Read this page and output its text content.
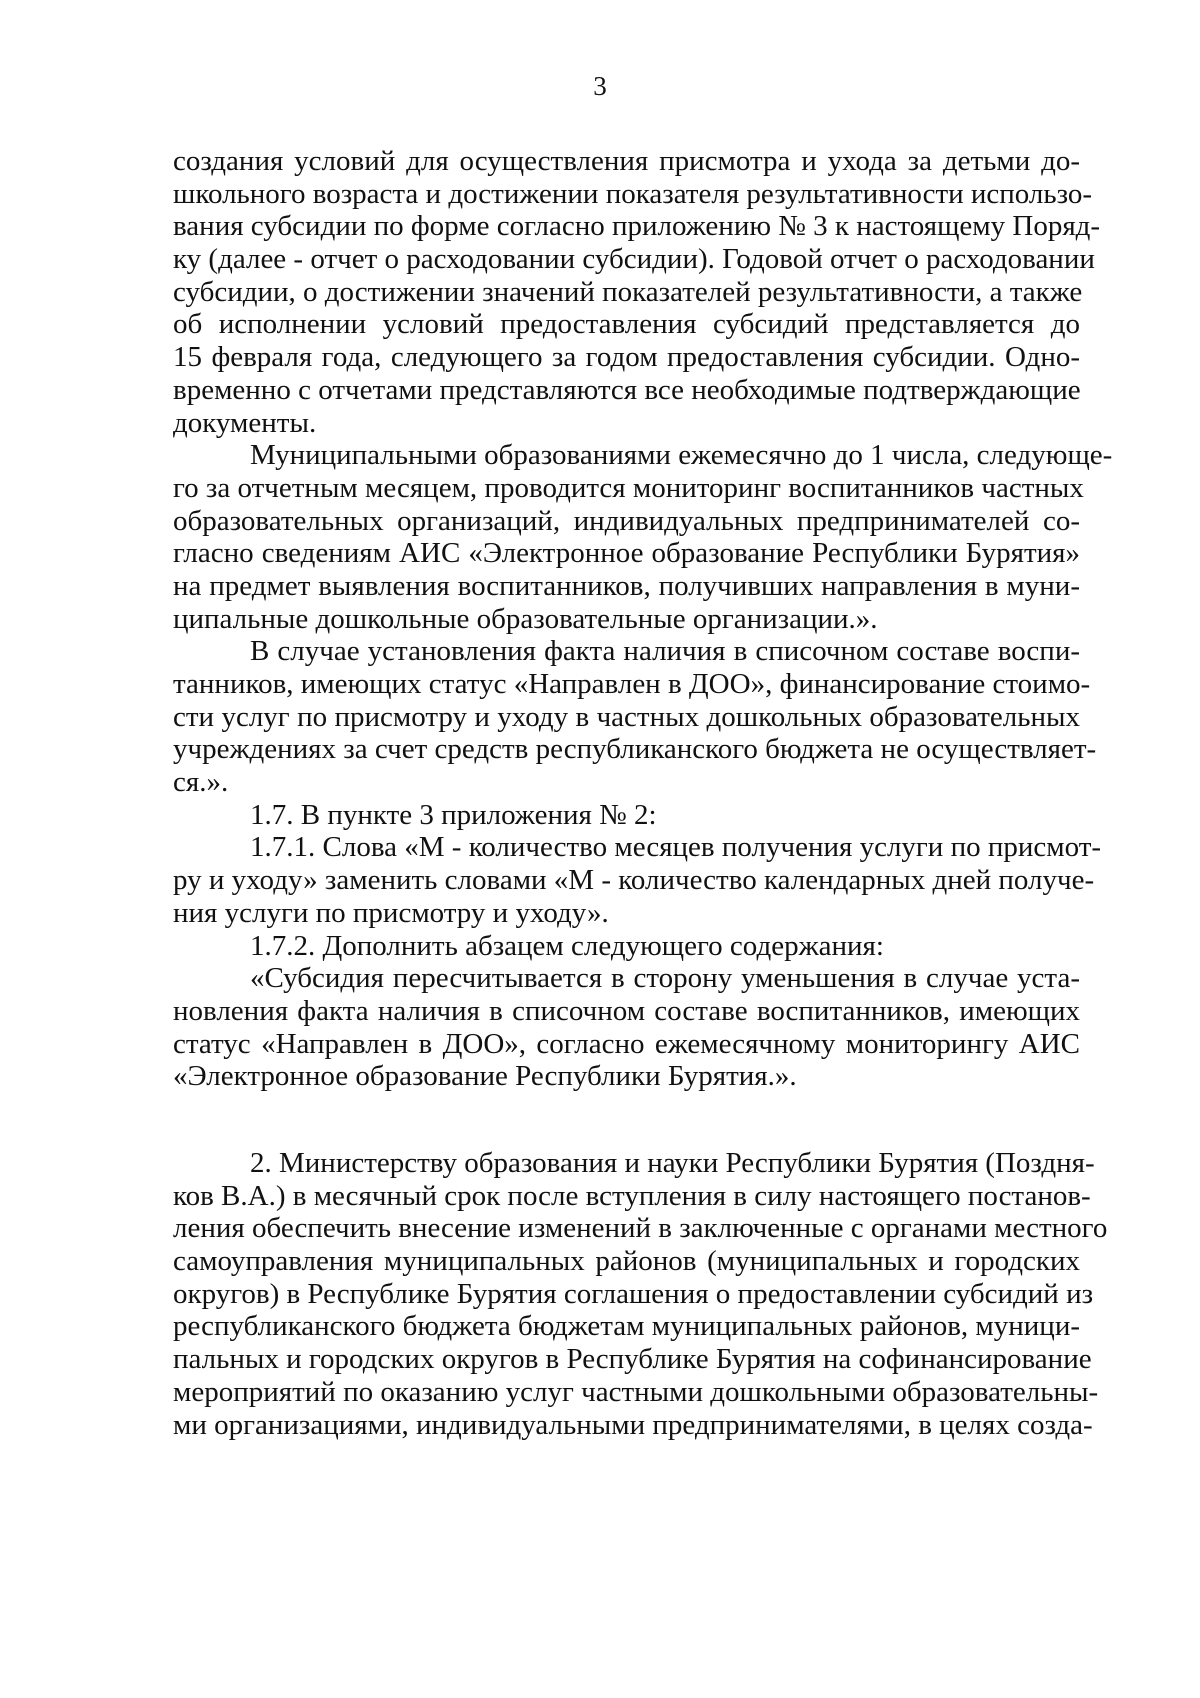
3
создания условий для осуществления присмотра и ухода за детьми до-
школьного возраста и достижении показателя результативности использо-
вания субсидии по форме согласно приложению № 3 к настоящему Поряд-
ку (далее - отчет о расходовании субсидии). Годовой отчет о расходовании
субсидии, о достижении значений показателей результативности, а также
об исполнении условий предоставления субсидий представляется до
15 февраля года, следующего за годом предоставления субсидии. Одно-
временно с отчетами представляются все необходимые подтверждающие
документы.
Муниципальными образованиями ежемесячно до 1 числа, следующе-
го за отчетным месяцем, проводится мониторинг воспитанников частных
образовательных организаций, индивидуальных предпринимателей со-
гласно сведениям АИС «Электронное образование Республики Бурятия»
на предмет выявления воспитанников, получивших направления в муни-
ципальные дошкольные образовательные организации.».
В случае установления факта наличия в списочном составе воспи-
танников, имеющих статус «Направлен в ДОО», финансирование стоимо-
сти услуг по присмотру и уходу в частных дошкольных образовательных
учреждениях за счет средств республиканского бюджета не осуществляет-
ся.».
1.7. В пункте 3 приложения № 2:
1.7.1. Слова «М - количество месяцев получения услуги по присмот-
ру и уходу» заменить словами «М - количество календарных дней получе-
ния услуги по присмотру и уходу».
1.7.2. Дополнить абзацем следующего содержания:
«Субсидия пересчитывается в сторону уменьшения в случае уста-
новления факта наличия в списочном составе воспитанников, имеющих
статус «Направлен в ДОО», согласно ежемесячному мониторингу АИС
«Электронное образование Республики Бурятия.».
2. Министерству образования и науки Республики Бурятия (Поздня-
ков В.А.) в месячный срок после вступления в силу настоящего постанов-
ления обеспечить внесение изменений в заключенные с органами местного
самоуправления муниципальных районов (муниципальных и городских
округов) в Республике Бурятия соглашения о предоставлении субсидий из
республиканского бюджета бюджетам муниципальных районов, муници-
пальных и городских округов в Республике Бурятия на софинансирование
мероприятий по оказанию услуг частными дошкольными образовательны-
ми организациями, индивидуальными предпринимателями, в целях созда-
